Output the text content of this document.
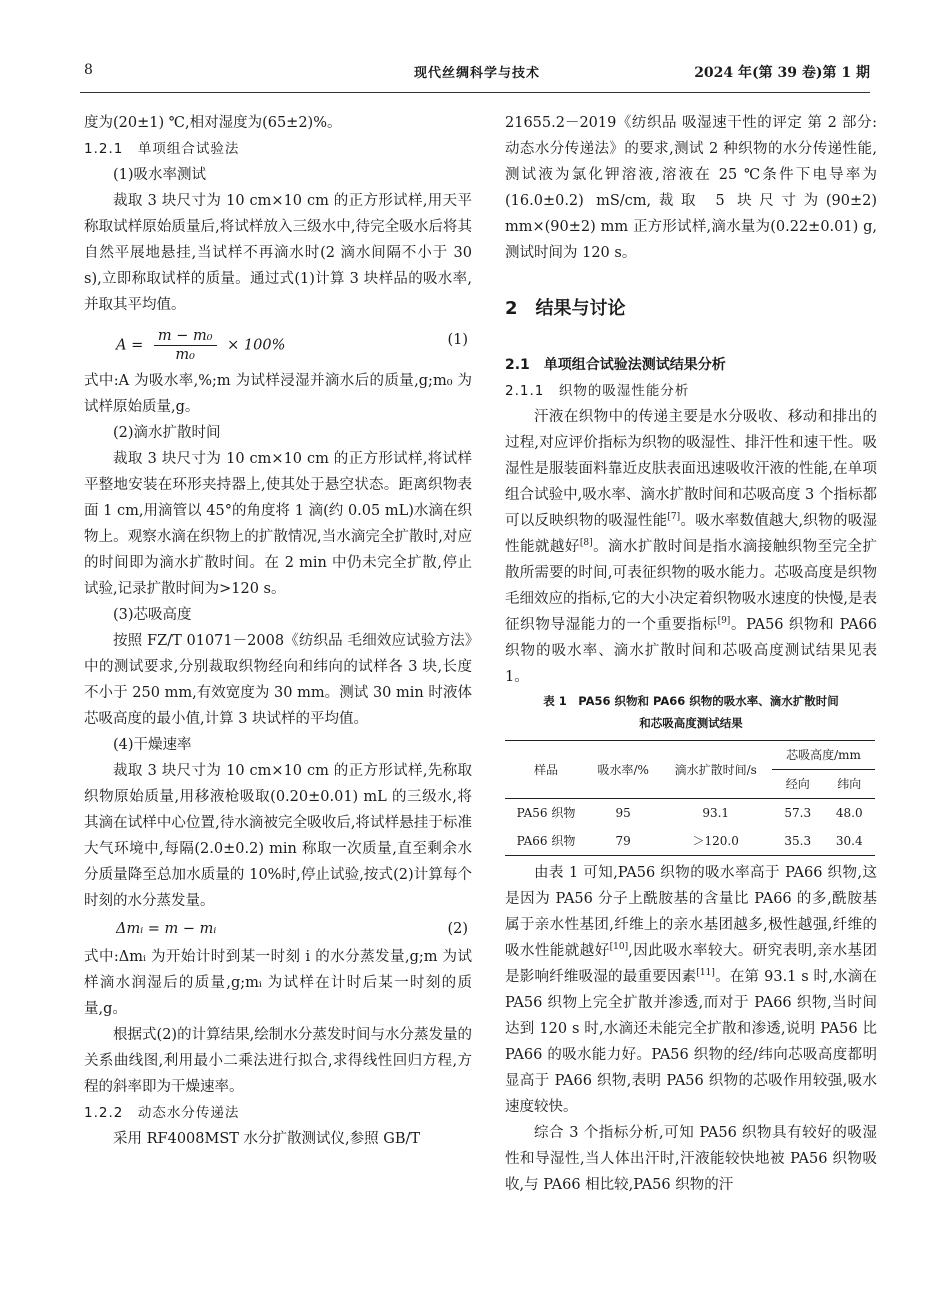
8	现代丝绸科学与技术	2024 年(第 39 卷)第 1 期

度为(20±1) ℃,相对湿度为(65±2)%。

1.2.1　单项组合试验法

(1)吸水率测试

裁取 3 块尺寸为 10 cm×10 cm 的正方形试样,用天平称取试样原始质量后,将试样放入三级水中,待完全吸水后将其自然平展地悬挂,当试样不再滴水时(2 滴水间隔不小于 30 s),立即称取试样的质量。通过式(1)计算 3 块样品的吸水率,并取其平均值。

$A = \frac{\text{m − m₀}}{\text{m₀}} \times 100\%$	(1)

式中:A 为吸水率,%;m 为试样浸湿并滴水后的质量,g;m₀ 为试样原始质量,g。

(2)滴水扩散时间

裁取 3 块尺寸为 10 cm×10 cm 的正方形试样,将试样平整地安装在环形夹持器上,使其处于悬空状态。距离织物表面 1 cm,用滴管以 45°的角度将 1 滴(约 0.05 mL)水滴在织物上。观察水滴在织物上的扩散情况,当水滴完全扩散时,对应的时间即为滴水扩散时间。在 2 min 中仍未完全扩散,停止试验,记录扩散时间为>120 s。

(3)芯吸高度

按照 FZ/T 01071－2008《纺织品 毛细效应试验方法》中的测试要求,分别裁取织物经向和纬向的试样各 3 块,长度不小于 250 mm,有效宽度为 30 mm。测试 30 min 时液体芯吸高度的最小值,计算 3 块试样的平均值。

(4)干燥速率

裁取 3 块尺寸为 10 cm×10 cm 的正方形试样,先称取织物原始质量,用移液枪吸取(0.20±0.01) mL 的三级水,将其滴在试样中心位置,待水滴被完全吸收后,将试样悬挂于标准大气环境中,每隔(2.0±0.2) min 称取一次质量,直至剩余水分质量降至总加水质量的 10%时,停止试验,按式(2)计算每个时刻的水分蒸发量。

Δmᵢ = m − mᵢ	(2)

式中:Δmᵢ 为开始计时到某一时刻 i 的水分蒸发量,g;m 为试样滴水润湿后的质量,g;mᵢ 为试样在计时后某一时刻的质量,g。

根据式(2)的计算结果,绘制水分蒸发时间与水分蒸发量的关系曲线图,利用最小二乘法进行拟合,求得线性回归方程,方程的斜率即为干燥速率。

1.2.2　动态水分传递法

采用 RF4008MST 水分扩散测试仪,参照 GB/T

21655.2－2019《纺织品 吸湿速干性的评定 第 2 部分:动态水分传递法》的要求,测试 2 种织物的水分传递性能,测试液为氯化钾溶液,溶液在 25 ℃条件下电导率为(16.0±0.2) mS/cm,裁取 5 块尺寸为(90±2) mm×(90±2) mm 正方形试样,滴水量为(0.22±0.01) g,测试时间为 120 s。

2　结果与讨论

2.1　单项组合试验法测试结果分析

2.1.1　织物的吸湿性能分析

汗液在织物中的传递主要是水分吸收、移动和排出的过程,对应评价指标为织物的吸湿性、排汗性和速干性。吸湿性是服装面料靠近皮肤表面迅速吸收汗液的性能,在单项组合试验中,吸水率、滴水扩散时间和芯吸高度 3 个指标都可以反映织物的吸湿性能[7]。吸水率数值越大,织物的吸湿性能就越好[8]。滴水扩散时间是指水滴接触织物至完全扩散所需要的时间,可表征织物的吸水能力。芯吸高度是织物毛细效应的指标,它的大小决定着织物吸水速度的快慢,是表征织物导湿能力的一个重要指标[9]。PA56 织物和 PA66 织物的吸水率、滴水扩散时间和芯吸高度测试结果见表 1。

表 1　PA56 织物和 PA66 织物的吸水率、滴水扩散时间

和芯吸高度测试结果

样品	吸水率/%	滴水扩散时间/s	芯吸高度/mm	
			经向	纬向
PA56 织物	95	93.1	57.3	48.0
PA66 织物	79	＞120.0	35.3	30.4

由表 1 可知,PA56 织物的吸水率高于 PA66 织物,这是因为 PA56 分子上酰胺基的含量比 PA66 的多,酰胺基属于亲水性基团,纤维上的亲水基团越多,极性越强,纤维的吸水性能就越好[10],因此吸水率较大。研究表明,亲水基团是影响纤维吸湿的最重要因素[11]。在第 93.1 s 时,水滴在 PA56 织物上完全扩散并渗透,而对于 PA66 织物,当时间达到 120 s 时,水滴还未能完全扩散和渗透,说明 PA56 比 PA66 的吸水能力好。PA56 织物的经/纬向芯吸高度都明显高于 PA66 织物,表明 PA56 织物的芯吸作用较强,吸水速度较快。

综合 3 个指标分析,可知 PA56 织物具有较好的吸湿性和导湿性,当人体出汗时,汗液能较快地被 PA56 织物吸收,与 PA66 相比较,PA56 织物的汗
